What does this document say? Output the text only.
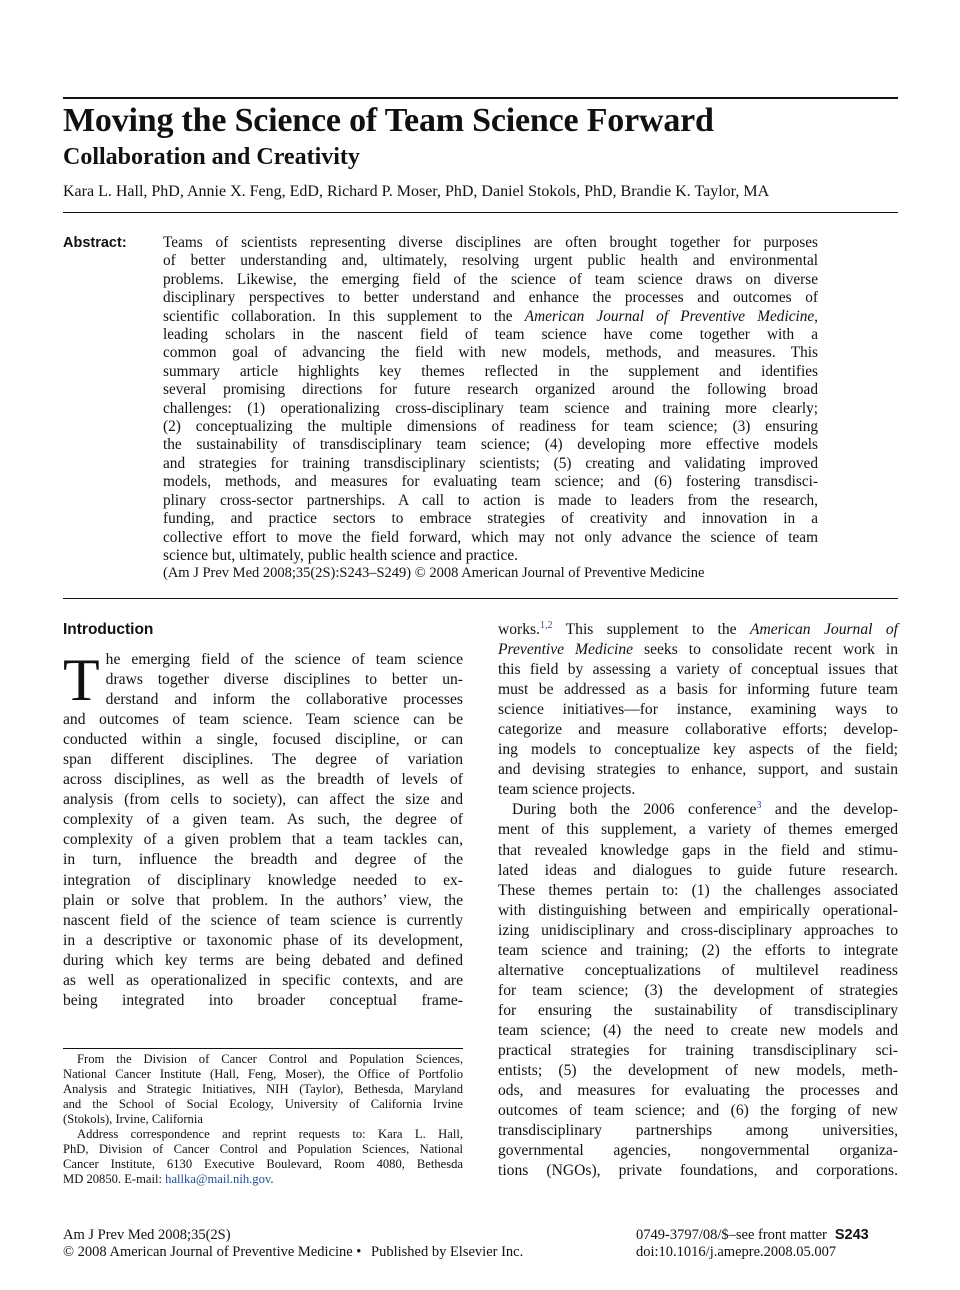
Moving the Science of Team Science Forward
Collaboration and Creativity
Kara L. Hall, PhD, Annie X. Feng, EdD, Richard P. Moser, PhD, Daniel Stokols, PhD, Brandie K. Taylor, MA
Abstract: Teams of scientists representing diverse disciplines are often brought together for purposes
of better understanding and, ultimately, resolving urgent public health and environmental
problems. Likewise, the emerging field of the science of team science draws on diverse
disciplinary perspectives to better understand and enhance the processes and outcomes of
scientific collaboration. In this supplement to the American Journal of Preventive Medicine,
leading scholars in the nascent field of team science have come together with a
common goal of advancing the field with new models, methods, and measures. This
summary article highlights key themes reflected in the supplement and identifies
several promising directions for future research organized around the following broad
challenges: (1) operationalizing cross-disciplinary team science and training more clearly;
(2) conceptualizing the multiple dimensions of readiness for team science; (3) ensuring
the sustainability of transdisciplinary team science; (4) developing more effective models
and strategies for training transdisciplinary scientists; (5) creating and validating improved
models, methods, and measures for evaluating team science; and (6) fostering transdisci-
plinary cross-sector partnerships. A call to action is made to leaders from the research,
funding, and practice sectors to embrace strategies of creativity and innovation in a
collective effort to move the field forward, which may not only advance the science of team
science but, ultimately, public health science and practice.
(Am J Prev Med 2008;35(2S):S243–S249) © 2008 American Journal of Preventive Medicine
Introduction
T he emerging field of the science of team science
draws together diverse disciplines to better un-
derstand and inform the collaborative processes
and outcomes of team science. Team science can be
conducted within a single, focused discipline, or can
span different disciplines. The degree of variation
across disciplines, as well as the breadth of levels of
analysis (from cells to society), can affect the size and
complexity of a given team. As such, the degree of
complexity of a given problem that a team tackles can,
in turn, influence the breadth and degree of the
integration of disciplinary knowledge needed to ex-
plain or solve that problem. In the authors’ view, the
nascent field of the science of team science is currently
in a descriptive or taxonomic phase of its development,
during which key terms are being debated and defined
as well as operationalized in specific contexts, and are
being integrated into broader conceptual frame-
works.$^{1,2}$ This supplement to the American Journal of
Preventive Medicine seeks to consolidate recent work in
this field by assessing a variety of conceptual issues that
must be addressed as a basis for informing future team
science initiatives—for instance, examining ways to
categorize and measure collaborative efforts; develop-
ing models to conceptualize key aspects of the field;
and devising strategies to enhance, support, and sustain
team science projects.
During both the 2006 conference$^3$ and the develop-
ment of this supplement, a variety of themes emerged
that revealed knowledge gaps in the field and stimu-
lated ideas and dialogues to guide future research.
These themes pertain to: (1) the challenges associated
with distinguishing between and empirically operational-
izing unidisciplinary and cross-disciplinary approaches to
team science and training; (2) the efforts to integrate
alternative conceptualizations of multilevel readiness
for team science; (3) the development of strategies
for ensuring the sustainability of transdisciplinary
team science; (4) the need to create new models and
practical strategies for training transdisciplinary sci-
entists; (5) the development of new models, meth-
ods, and measures for evaluating the processes and
outcomes of team science; and (6) the forging of new
transdisciplinary partnerships among universities,
governmental agencies, nongovernmental organiza-
tions (NGOs), private foundations, and corporations.
From the Division of Cancer Control and Population Sciences,
National Cancer Institute (Hall, Feng, Moser), the Office of Portfolio
Analysis and Strategic Initiatives, NIH (Taylor), Bethesda, Maryland
and the School of Social Ecology, University of California Irvine
(Stokols), Irvine, California
Address correspondence and reprint requests to: Kara L. Hall,
PhD, Division of Cancer Control and Population Sciences, National
Cancer Institute, 6130 Executive Boulevard, Room 4080, Bethesda
MD 20850. E-mail: hallka@mail.nih.gov.
Am J Prev Med 2008;35(2S)
© 2008 American Journal of Preventive Medicine • Published by Elsevier Inc.
0749-3797/08/$–see front matter S243
doi:10.1016/j.amepre.2008.05.007
